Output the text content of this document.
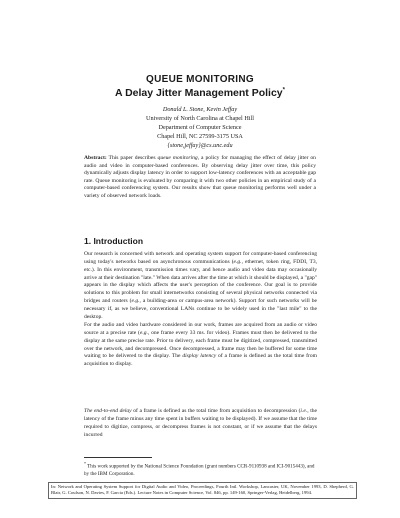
QUEUE MONITORING
A Delay Jitter Management Policy*
Donald L. Stone, Kevin Jeffay
University of North Carolina at Chapel Hill
Department of Computer Science
Chapel Hill, NC 27599-3175 USA
{stone,jeffay}@cs.unc.edu
Abstract: This paper describes queue monitoring, a policy for managing the effect of delay jitter on audio and video in computer-based conferences. By observing delay jitter over time, this policy dynamically adjusts display latency in order to support low-latency conferences with an acceptable gap rate. Queue monitoring is evaluated by comparing it with two other policies in an empirical study of a computer-based conferencing system. Our results show that queue monitoring performs well under a variety of observed network loads.
1. Introduction

Our research is concerned with network and operating system support for computer-based conferencing using today's networks based on asynchronous communications (e.g., ethernet, token ring, FDDI, T3, etc.). In this environment, transmission times vary, and hence audio and video data may occasionally arrive at their destination "late." When data arrives after the time at which it should be displayed, a "gap" appears in the display which affects the user's perception of the conference. Our goal is to provide solutions to this problem for small internetworks consisting of several physical networks connected via bridges and routers (e.g., a building-area or campus-area network). Support for such networks will be necessary if, as we believe, conventional LANs continue to be widely used in the "last mile" to the desktop.

For the audio and video hardware considered in our work, frames are acquired from an audio or video source at a precise rate (e.g., one frame every 33 ms. for video). Frames must then be delivered to the display at the same precise rate. Prior to delivery, each frame must be digitized, compressed, transmitted over the network, and decompressed. Once decompressed, a frame may then be buffered for some time waiting to be delivered to the display. The display latency of a frame is defined as the total time from acquisition to display.

The end-to-end delay of a frame is defined as the total time from acquisition to decompression (i.e., the latency of the frame minus any time spent in buffers waiting to be displayed). If we assume that the time required to digitize, compress, or decompress frames is not constant, or if we assume that the delays incurred

* This work supported by the National Science Foundation (grant numbers CCR-9110938 and ICI-9015443), and by the IBM Corporation.
In: Network and Operating System Support for Digital Audio and Video, Proceedings, Fourth Intl. Workshop, Lancaster, UK, November 1993, D. Shepherd, G. Blair, G. Coulson, N. Davies, F. Garcia (Eds.). Lecture Notes in Computer Science, Vol. 846, pp. 149-160, Springer-Verlag, Heidelberg, 1994.
